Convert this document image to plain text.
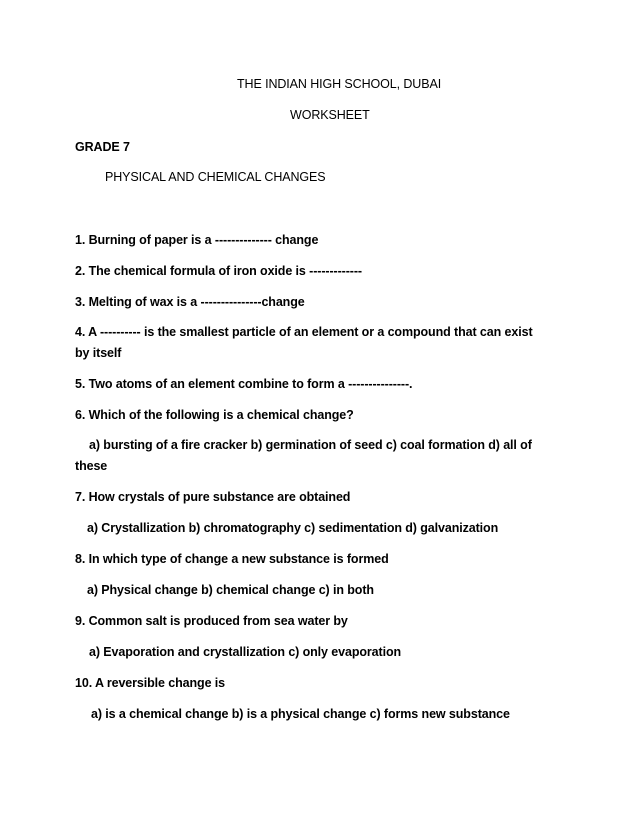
THE INDIAN HIGH SCHOOL, DUBAI
WORKSHEET
GRADE 7
PHYSICAL AND CHEMICAL CHANGES
1. Burning of paper is a -------------- change
2. The chemical formula of iron oxide is -------------
3. Melting of wax is a ---------------change
4. A ---------- is the smallest particle of an element or a compound that can exist
by itself
5. Two atoms of an element combine to form a ---------------.
6. Which of the following is a chemical change?
a) bursting of a fire cracker b) germination of seed c) coal formation d) all of
these
7. How crystals of pure substance are obtained
a) Crystallization b) chromatography c) sedimentation d) galvanization
8. In which type of change a new substance is formed
a) Physical change b) chemical change c) in both
9. Common salt is produced from sea water by
a) Evaporation and crystallization c) only evaporation
10. A reversible change is
a) is a chemical change b) is a physical change c) forms new substance
